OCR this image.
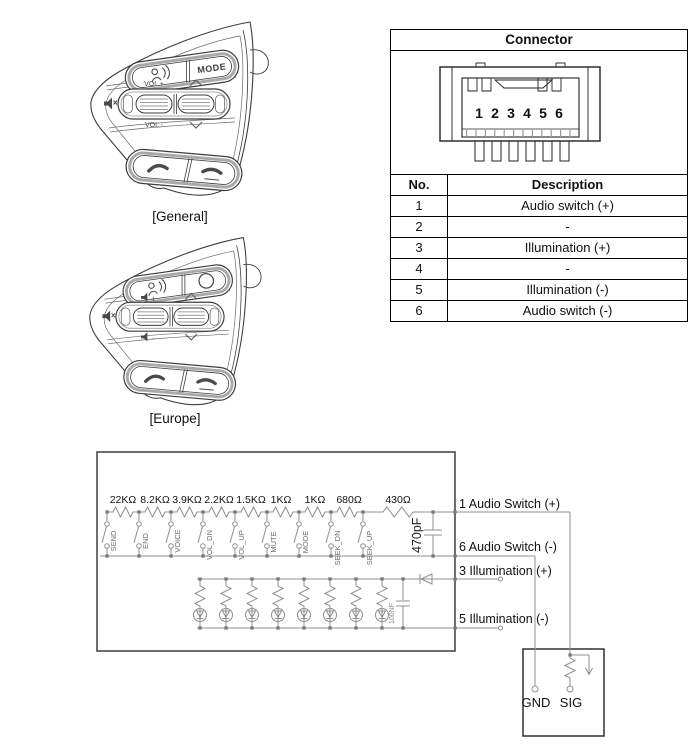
MODE
VOL +
VOL -
[General]
+
-
[Europe]
Connector
1 2 3 4 5 6
No.	Description
1	Audio switch (+)
2	-
3	Illumination (+)
4	-
5	Illumination (-)
6	Audio switch (-)
SEND	END	VOICE	VOL_DN	VOL_UP	MUTE	MODE	SEEK_DN	SEEK_UP
22KΩ 8.2KΩ 3.9KΩ 2.2KΩ 1.5KΩ 1KΩ 1KΩ 680Ω 430Ω
470pF
100NF
1 Audio Switch (+)
6 Audio Switch (-)
3 Illumination (+)
5 Illumination (-)
GND SIG
